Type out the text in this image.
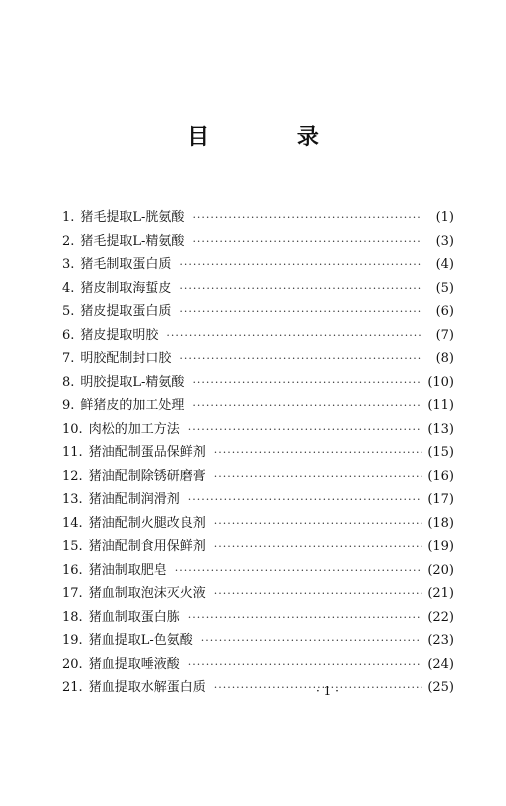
目 录
1. 猪毛提取L-胱氨酸 ·····	(1)
2. 猪毛提取L-精氨酸 ·····	(3)
3. 猪毛制取蛋白质 ·····	(4)
4. 猪皮制取海蜇皮 ·····	(5)
5. 猪皮提取蛋白质 ·····	(6)
6. 猪皮提取明胶 ·····	(7)
7. 明胶配制封口胶 ·····	(8)
8. 明胶提取L-精氨酸 ·····	(10)
9. 鲜猪皮的加工处理 ·····	(11)
10. 肉松的加工方法 ·····	(13)
11. 猪油配制蛋品保鲜剂 ·····	(15)
12. 猪油配制除锈研磨膏 ·····	(16)
13. 猪油配制润滑剂 ·····	(17)
14. 猪油配制火腿改良剂 ·····	(18)
15. 猪油配制食用保鲜剂 ·····	(19)
16. 猪油制取肥皂 ·····	(20)
17. 猪血制取泡沫灭火液 ·····	(21)
18. 猪血制取蛋白胨 ·····	(22)
19. 猪血提取L-色氨酸 ·····	(23)
20. 猪血提取唾液酸 ·····	(24)
21. 猪血提取水解蛋白质 ·····	(25)
· 1 ·
